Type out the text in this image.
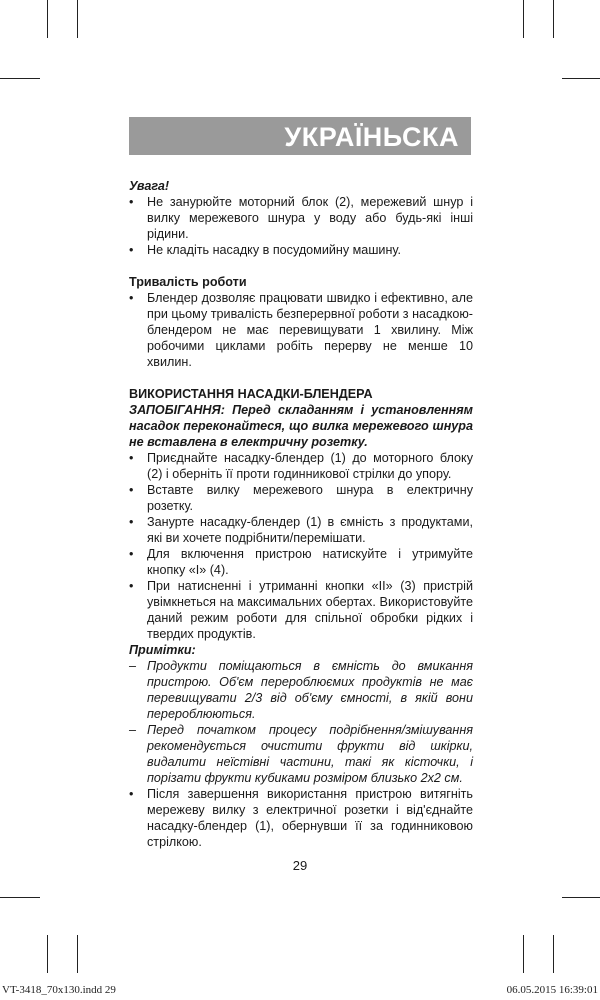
УКРАЇНЬСКА

Увага!

•	Не занурюйте моторний блок (2), мережевий шнур і вилку мережевого шнура у воду або будь-які інші рідини.
•	Не кладіть насадку в посудомийну машину.

Тривалість роботи

•	Блендер дозволяє працювати швидко і ефективно, але при цьому тривалість безперервної роботи з насадкою-блендером не має перевищувати 1 хвилину. Між робочими циклами робіть перерву не менше 10 хвилин.

ВИКОРИСТАННЯ НАСАДКИ-БЛЕНДЕРА

ЗАПОБІГАННЯ: Перед складанням і установленням насадок переконайтеся, що вилка мережевого шнура не вставлена в електричну розетку.

•	Приєднайте насадку-блендер (1) до моторного блоку (2) і оберніть її проти годинникової стрілки до упору.
•	Вставте вилку мережевого шнура в електричну розетку.
•	Занурте насадку-блендер (1) в ємність з продуктами, які ви хочете подрібнити/перемішати.
•	Для включення пристрою натискуйте і утримуйте кнопку «I» (4).
•	При натисненні і утриманні кнопки «II» (3) пристрій увімкнеться на максимальних обертах. Використовуйте даний режим роботи для спільної обробки рідких і твердих продуктів.

Примітки:

– Продукти поміщаються в ємність до вмикання пристрою. Об'єм перероблюємих продуктів не має перевищувати 2/3 від об'єму ємності, в якій вони перероблюються.
– Перед початком процесу подрібнення/змішування рекомендується очистити фрукти від шкірки, видалити неїстівні частини, такі як кісточки, і порізати фрукти кубиками розміром близько 2х2 см.
•	Після завершення використання пристрою витягніть мережеву вилку з електричної розетки і від'єднайте насадку-блендер (1), обернувши її за годинниковою стрілкою.
29
VT-3418_70x130.indd 29	06.05.2015 16:39:01
